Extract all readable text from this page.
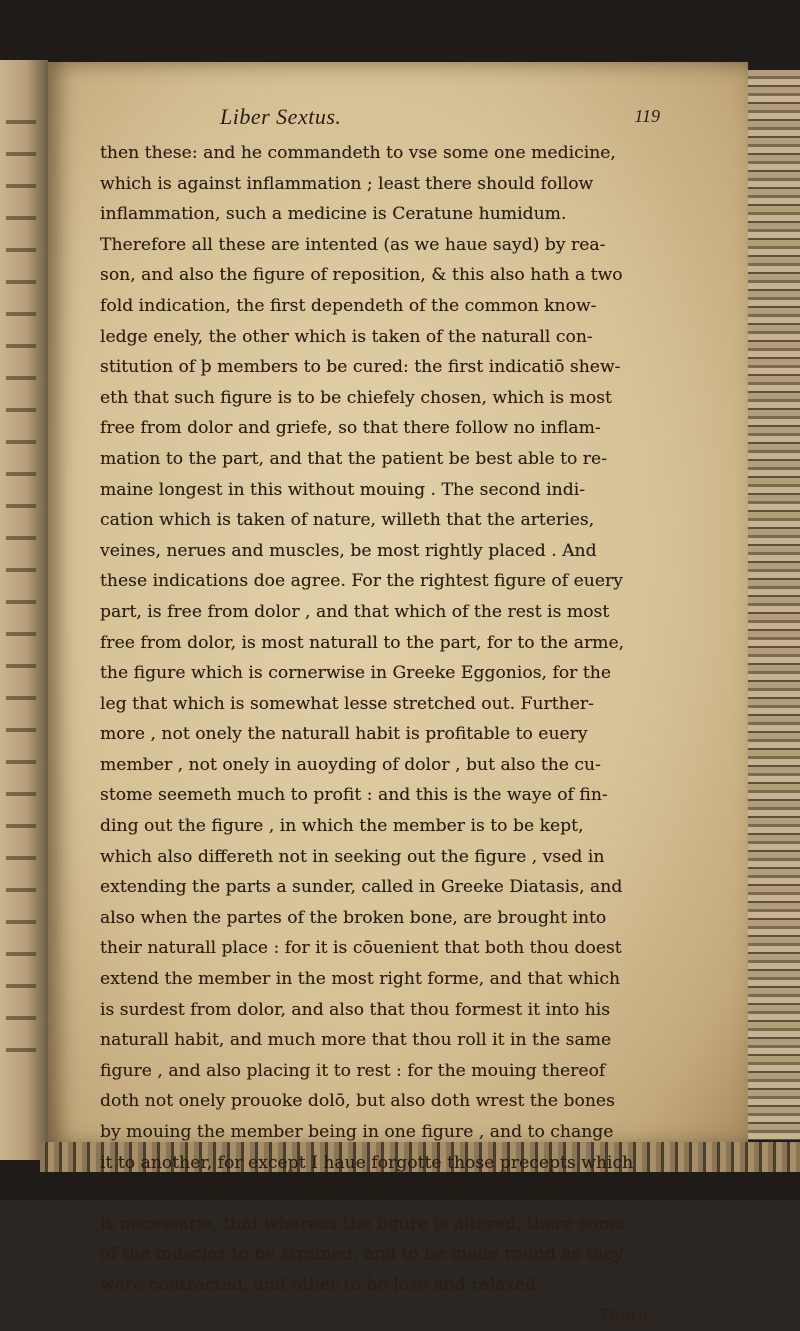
Liber Sextus.	119
then these: and he commandeth to vse some one medicine,
which is against inflammation ; least there should follow
inflammation, such a medicine is Ceratune humidum.
Therefore all these are intented (as we haue sayd) by rea-
son, and also the figure of reposition, & this also hath a two
fold indication, the first dependeth of the common know-
ledge enely, the other which is taken of the naturall con-
stitution of þ members to be cured: the first indicatiō shew-
eth that such figure is to be chiefely chosen, which is most
free from dolor and griefe, so that there follow no inflam-
mation to the part, and that the patient be best able to re-
maine longest in this without mouing . The second indi-
cation which is taken of nature, willeth that the arteries,
veines, nerues and muscles, be most rightly placed . And
these indications doe agree. For the rightest figure of euery
part, is free from dolor , and that which of the rest is most
free from dolor, is most naturall to the part, for to the arme,
the figure which is cornerwise in Greeke Eggonios, for the
leg that which is somewhat lesse stretched out. Further-
more , not onely the naturall habit is profitable to euery
member , not onely in auoyding of dolor , but also the cu-
stome seemeth much to profit : and this is the waye of fin-
ding out the figure , in which the member is to be kept,
which also differeth not in seeking out the figure , vsed in
extending the parts a sunder, called in Greeke Diatasis, and
also when the partes of the broken bone, are brought into
their naturall place : for it is cōuenient that both thou doest
extend the member in the most right forme, and that which
is surdest from dolor, and also that thou formest it into his
naturall habit, and much more that thou roll it in the same
figure , and also placing it to rest : for the mouing thereof
doth not onely prouoke dolō, but also doth wrest the bones
by mouing the member being in one figure , and to change
it to another, for except I haue forgotte those precepts which
we haue written in our bokes De musculorum motibus, it
is necessarie, that whereas the figure is altered, there some
of the muscles to be strained, and to be made round as they
were contracted, and other to be lose and relaxed.
There-
